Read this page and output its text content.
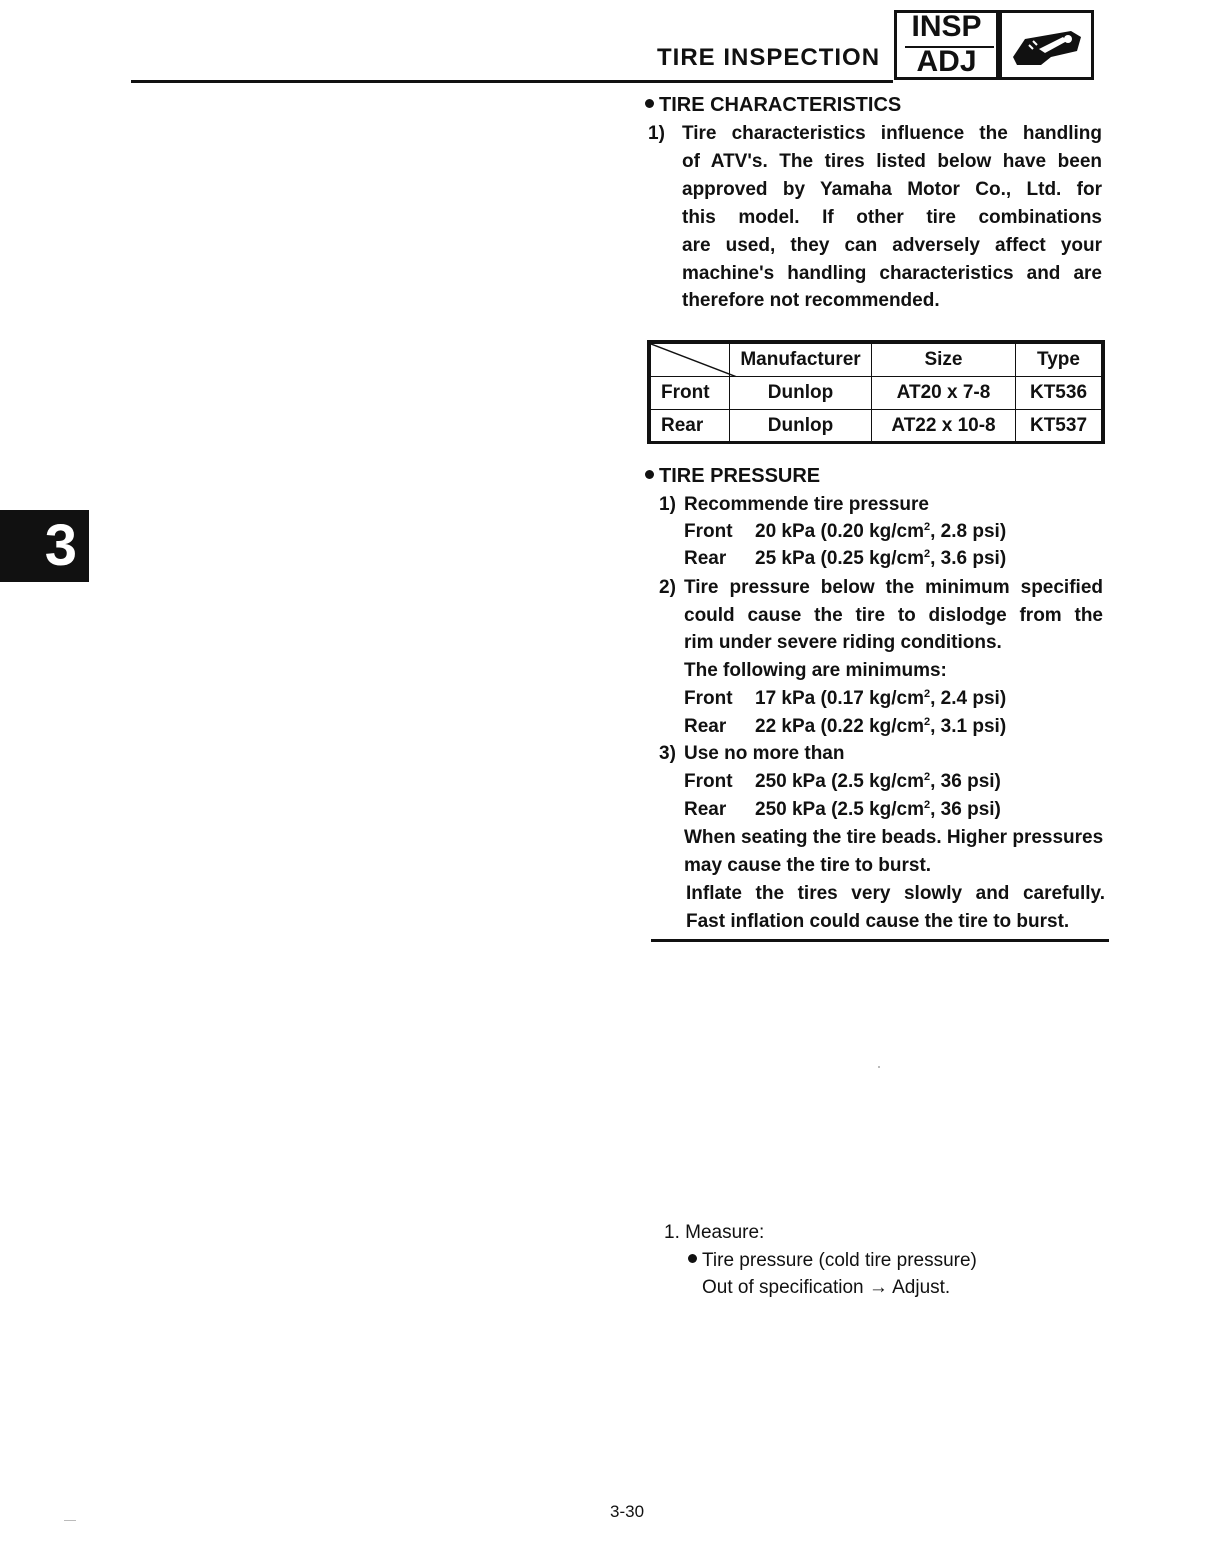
TIRE INSPECTION
INSP
ADJ
3
TIRE CHARACTERISTICS
1) Tire characteristics influence the handling
of ATV's. The tires listed below have been
approved by Yamaha Motor Co., Ltd. for
this model. If other tire combinations
are used, they can adversely affect your
machine's handling characteristics and are
therefore not recommended.
	Manufacturer	Size	Type
Front	Dunlop	AT20 x 7-8	KT536
Rear	Dunlop	AT22 x 10-8	KT537
TIRE PRESSURE
1) Recommende tire pressure
Front 20 kPa (0.20 $kg/cm^2$, 2.8 psi)
Rear 25 kPa (0.25 $kg/cm^2$, 3.6 psi)
2) Tire pressure below the minimum specified
could cause the tire to dislodge from the
rim under severe riding conditions.
The following are minimums:
Front 17 kPa (0.17 $kg/cm^2$, 2.4 psi)
Rear 22 kPa (0.22 $kg/cm^2$, 3.1 psi)
3) Use no more than
Front 250 kPa (2.5 $kg/cm^2$, 36 psi)
Rear 250 kPa (2.5 $kg/cm^2$, 36 psi)
When seating the tire beads. Higher pressures
may cause the tire to burst.
Inflate the tires very slowly and carefully.
Fast inflation could cause the tire to burst.
1. Measure:
Tire pressure (cold tire pressure)
Out of specification → Adjust.
3-30
